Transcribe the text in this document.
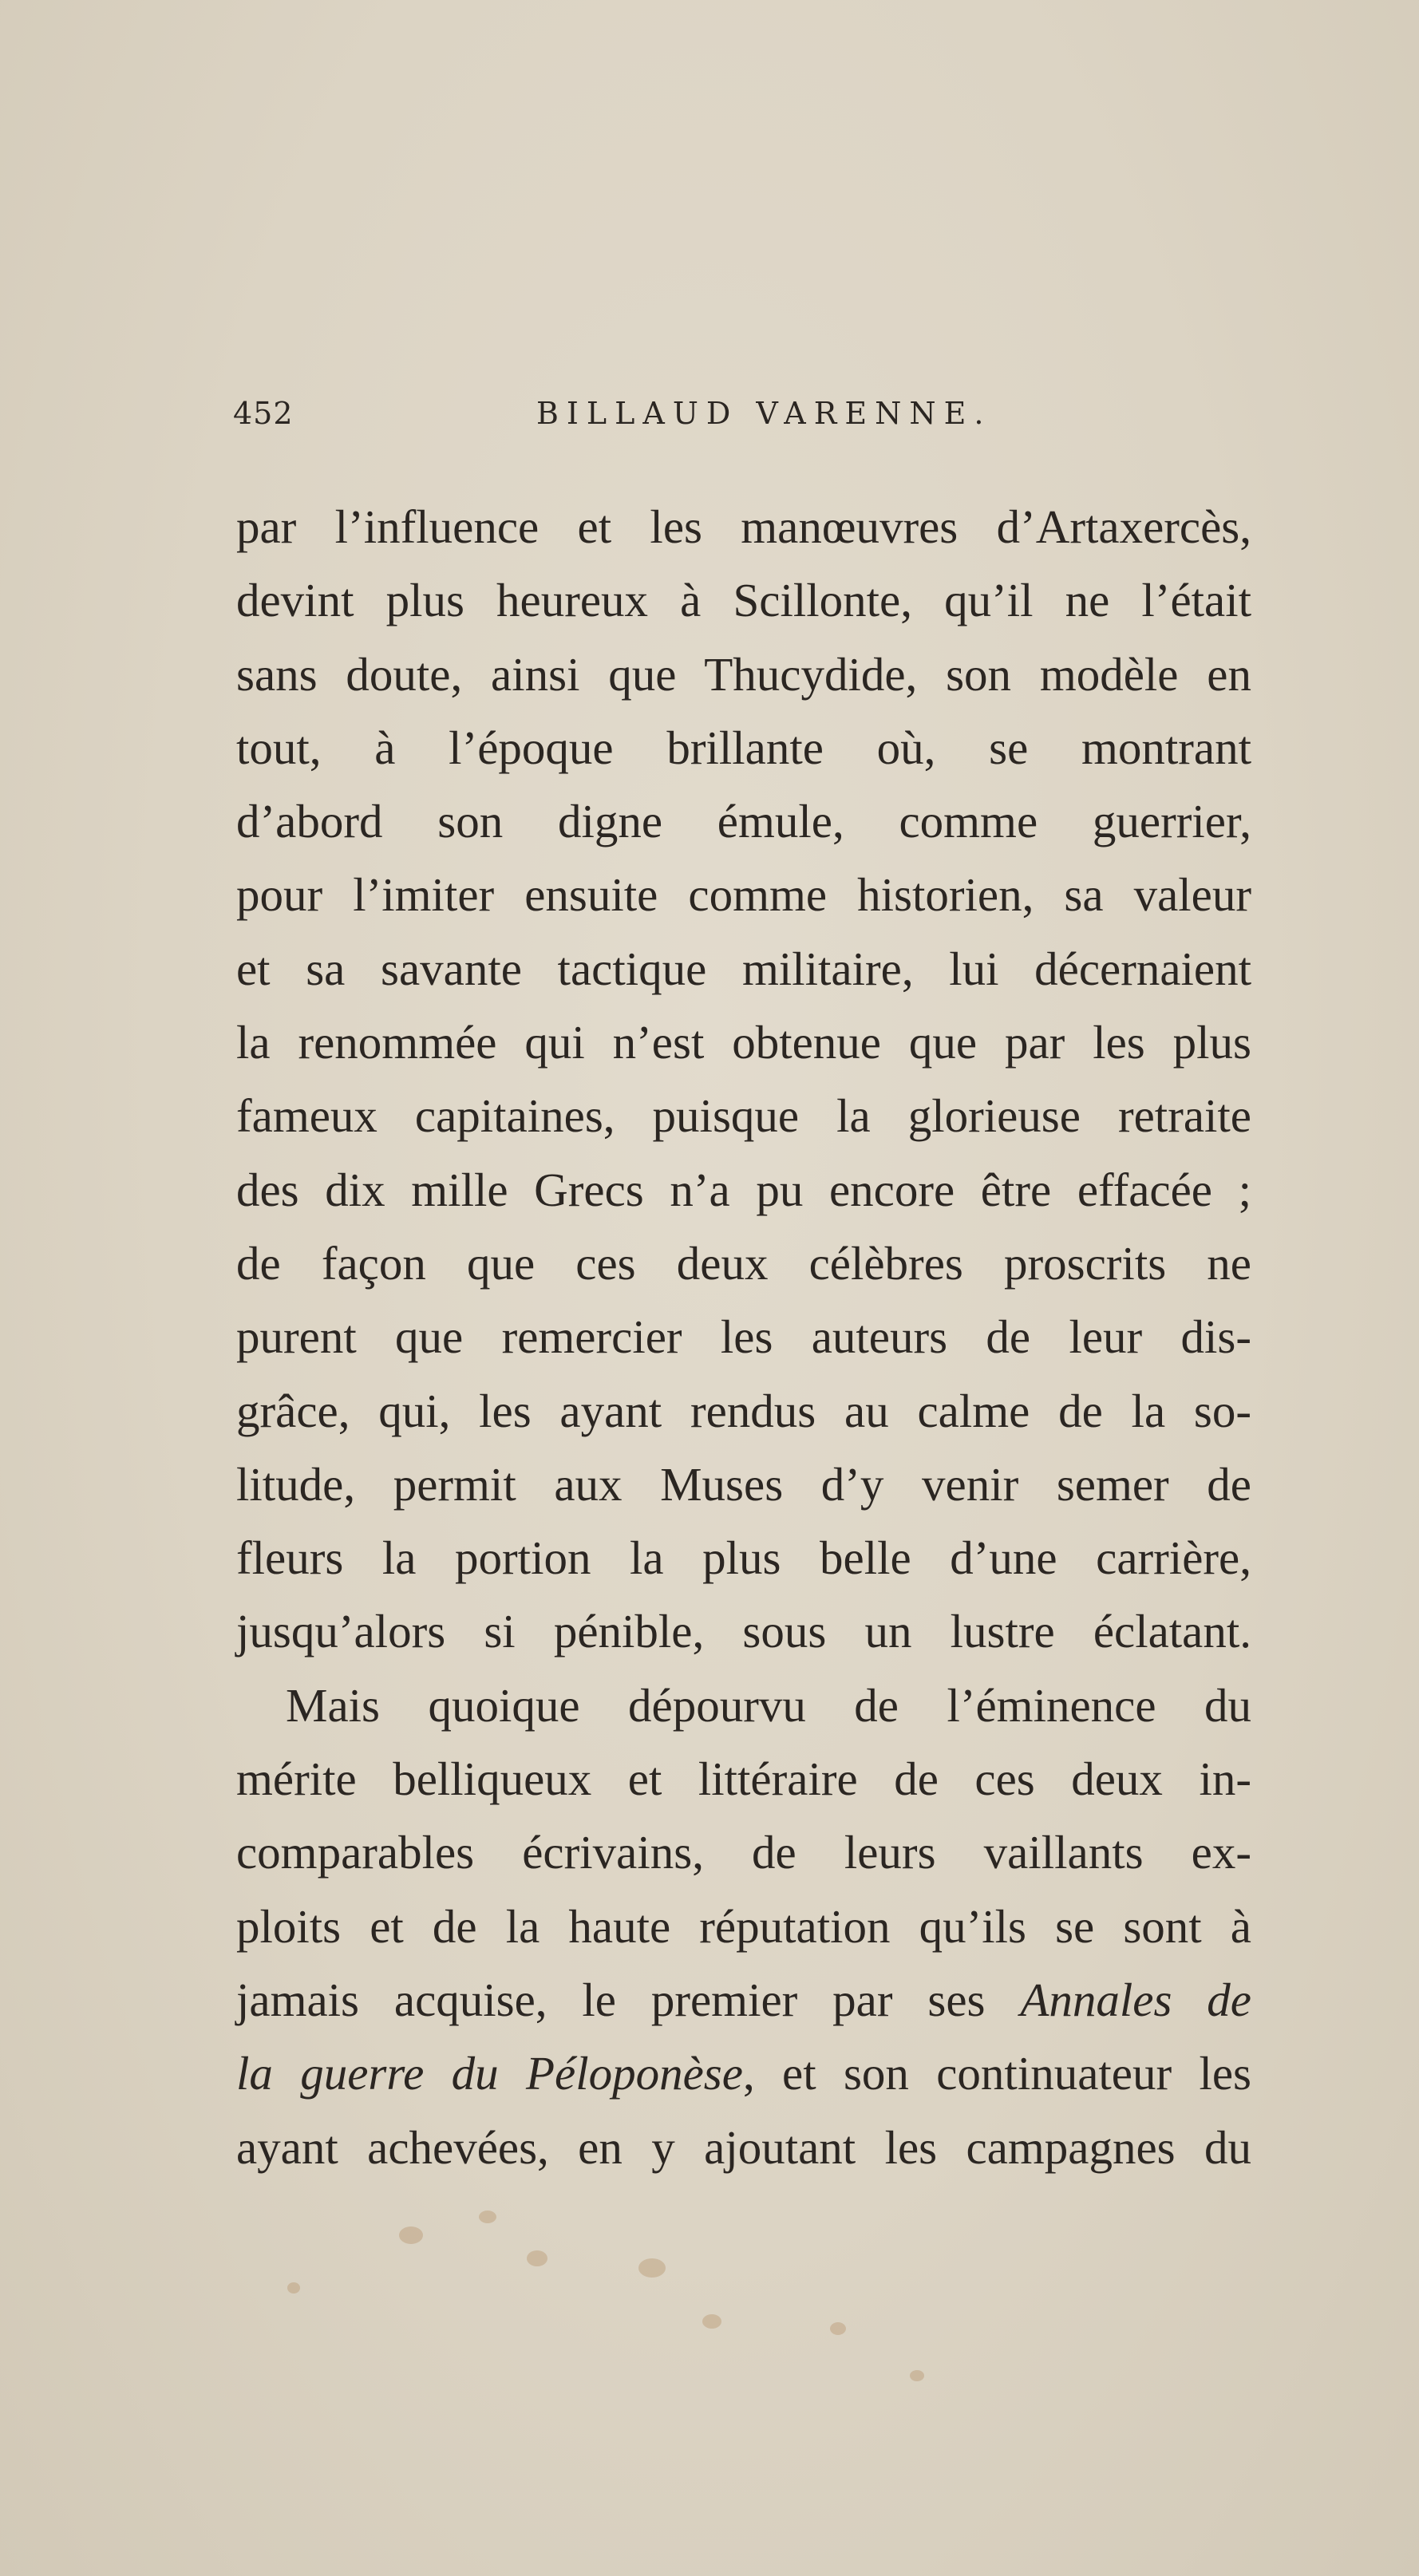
452	BILLAUD VARENNE.
par l’influence et les manœuvres d’Artaxercès,
devint plus heureux à Scillonte, qu’il ne l’était
sans doute, ainsi que Thucydide, son modèle en
tout, à l’époque brillante où, se montrant
d’abord son digne émule, comme guerrier,
pour l’imiter ensuite comme historien, sa valeur
et sa savante tactique militaire, lui décernaient
la renommée qui n’est obtenue que par les plus
fameux capitaines, puisque la glorieuse retraite
des dix mille Grecs n’a pu encore être effacée ;
de façon que ces deux célèbres proscrits ne
purent que remercier les auteurs de leur dis-
grâce, qui, les ayant rendus au calme de la so-
litude, permit aux Muses d’y venir semer de
fleurs la portion la plus belle d’une carrière,
jusqu’alors si pénible, sous un lustre éclatant.
Mais quoique dépourvu de l’éminence du
mérite belliqueux et littéraire de ces deux in-
comparables écrivains, de leurs vaillants ex-
ploits et de la haute réputation qu’ils se sont à
jamais acquise, le premier par ses Annales de
la guerre du Péloponèse, et son continuateur les
ayant achevées, en y ajoutant les campagnes du
